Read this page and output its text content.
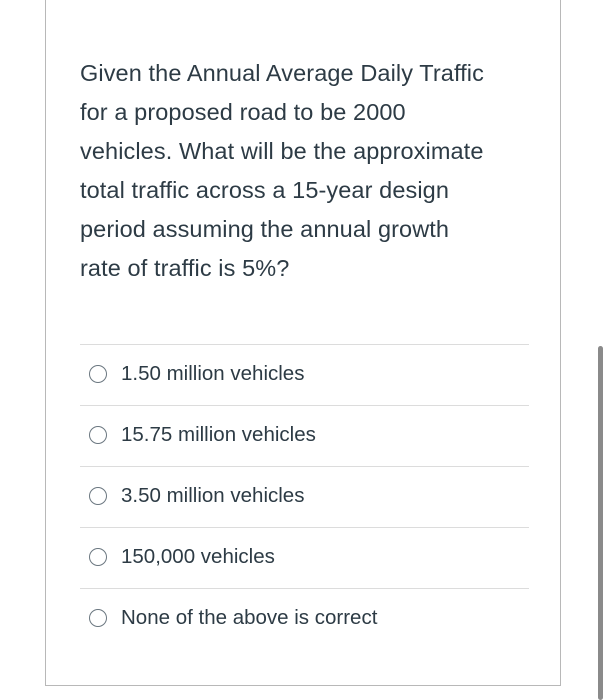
Given the Annual Average Daily Traffic
for a proposed road to be 2000
vehicles. What will be the approximate
total traffic across a 15-year design
period assuming the annual growth
rate of traffic is 5%?

1.50 million vehicles
15.75 million vehicles
3.50 million vehicles
150,000 vehicles
None of the above is correct
